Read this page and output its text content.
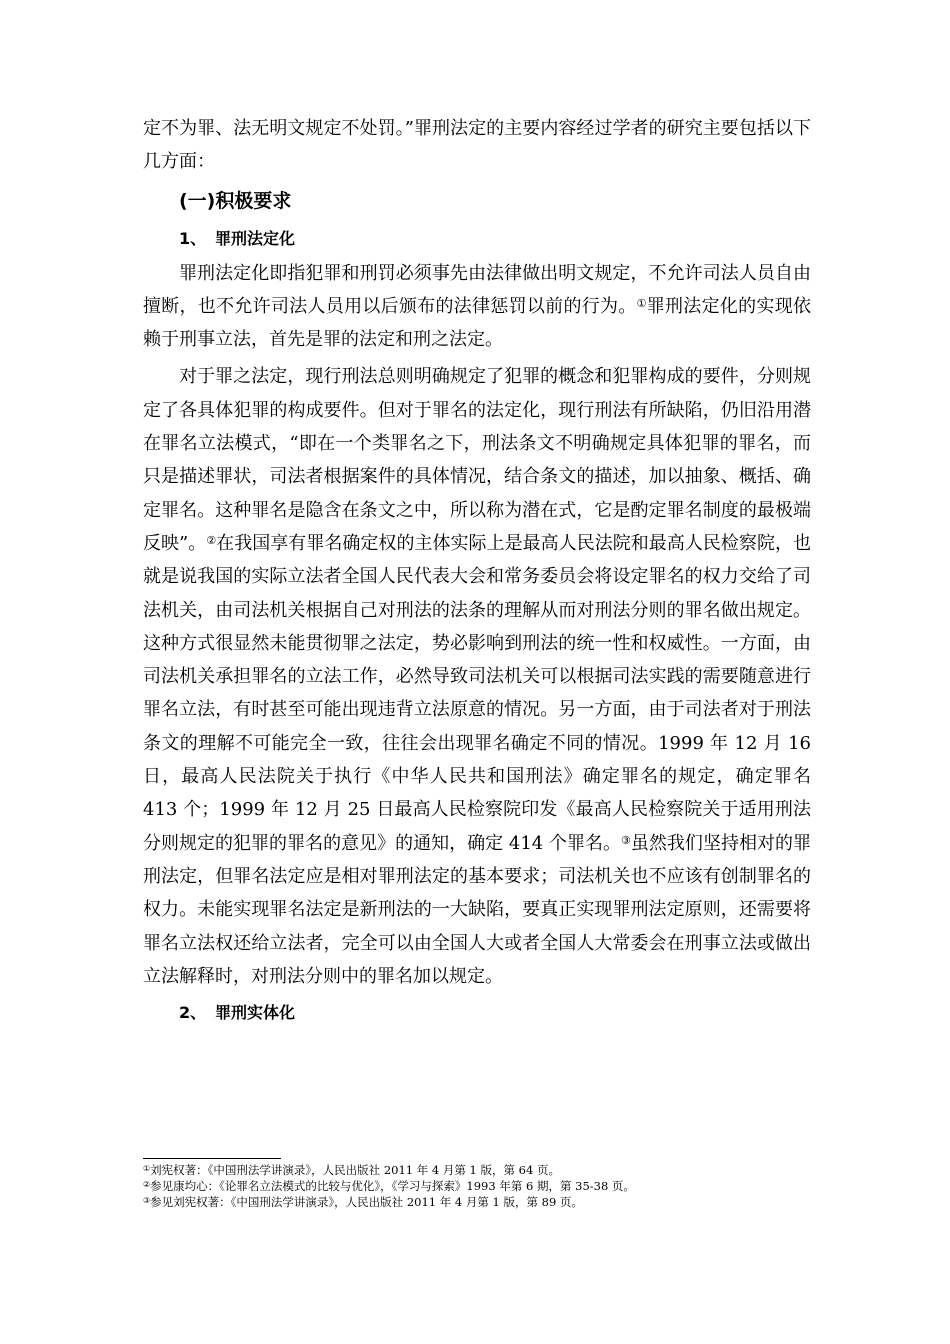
定不为罪、法无明文规定不处罚。”罪刑法定的主要内容经过学者的研究主要包括以下几方面：

(一)积极要求

1、 罪刑法定化

罪刑法定化即指犯罪和刑罚必须事先由法律做出明文规定，不允许司法人员自由擅断，也不允许司法人员用以后颁布的法律惩罚以前的行为。①罪刑法定化的实现依赖于刑事立法，首先是罪的法定和刑之法定。

对于罪之法定，现行刑法总则明确规定了犯罪的概念和犯罪构成的要件，分则规定了各具体犯罪的构成要件。但对于罪名的法定化，现行刑法有所缺陷，仍旧沿用潜在罪名立法模式，“即在一个类罪名之下，刑法条文不明确规定具体犯罪的罪名，而只是描述罪状，司法者根据案件的具体情况，结合条文的描述，加以抽象、概括、确定罪名。这种罪名是隐含在条文之中，所以称为潜在式，它是酌定罪名制度的最极端反映”。②在我国享有罪名确定权的主体实际上是最高人民法院和最高人民检察院，也就是说我国的实际立法者全国人民代表大会和常务委员会将设定罪名的权力交给了司法机关，由司法机关根据自己对刑法的法条的理解从而对刑法分则的罪名做出规定。这种方式很显然未能贯彻罪之法定，势必影响到刑法的统一性和权威性。一方面，由司法机关承担罪名的立法工作，必然导致司法机关可以根据司法实践的需要随意进行罪名立法，有时甚至可能出现违背立法原意的情况。另一方面，由于司法者对于刑法条文的理解不可能完全一致，往往会出现罪名确定不同的情况。1999 年 12 月 16 日，最高人民法院关于执行《中华人民共和国刑法》确定罪名的规定，确定罪名 413 个；1999 年 12 月 25 日最高人民检察院印发《最高人民检察院关于适用刑法分则规定的犯罪的罪名的意见》的通知，确定 414 个罪名。③虽然我们坚持相对的罪刑法定，但罪名法定应是相对罪刑法定的基本要求；司法机关也不应该有创制罪名的权力。未能实现罪名法定是新刑法的一大缺陷，要真正实现罪刑法定原则，还需要将罪名立法权还给立法者，完全可以由全国人大或者全国人大常委会在刑事立法或做出立法解释时，对刑法分则中的罪名加以规定。

2、 罪刑实体化

①刘宪权著：《中国刑法学讲演录》，人民出版社 2011 年 4 月第 1 版，第 64 页。
②参见康均心：《论罪名立法模式的比较与优化》，《学习与探索》1993 年第 6 期，第 35-38 页。
③参见刘宪权著：《中国刑法学讲演录》，人民出版社 2011 年 4 月第 1 版，第 89 页。
